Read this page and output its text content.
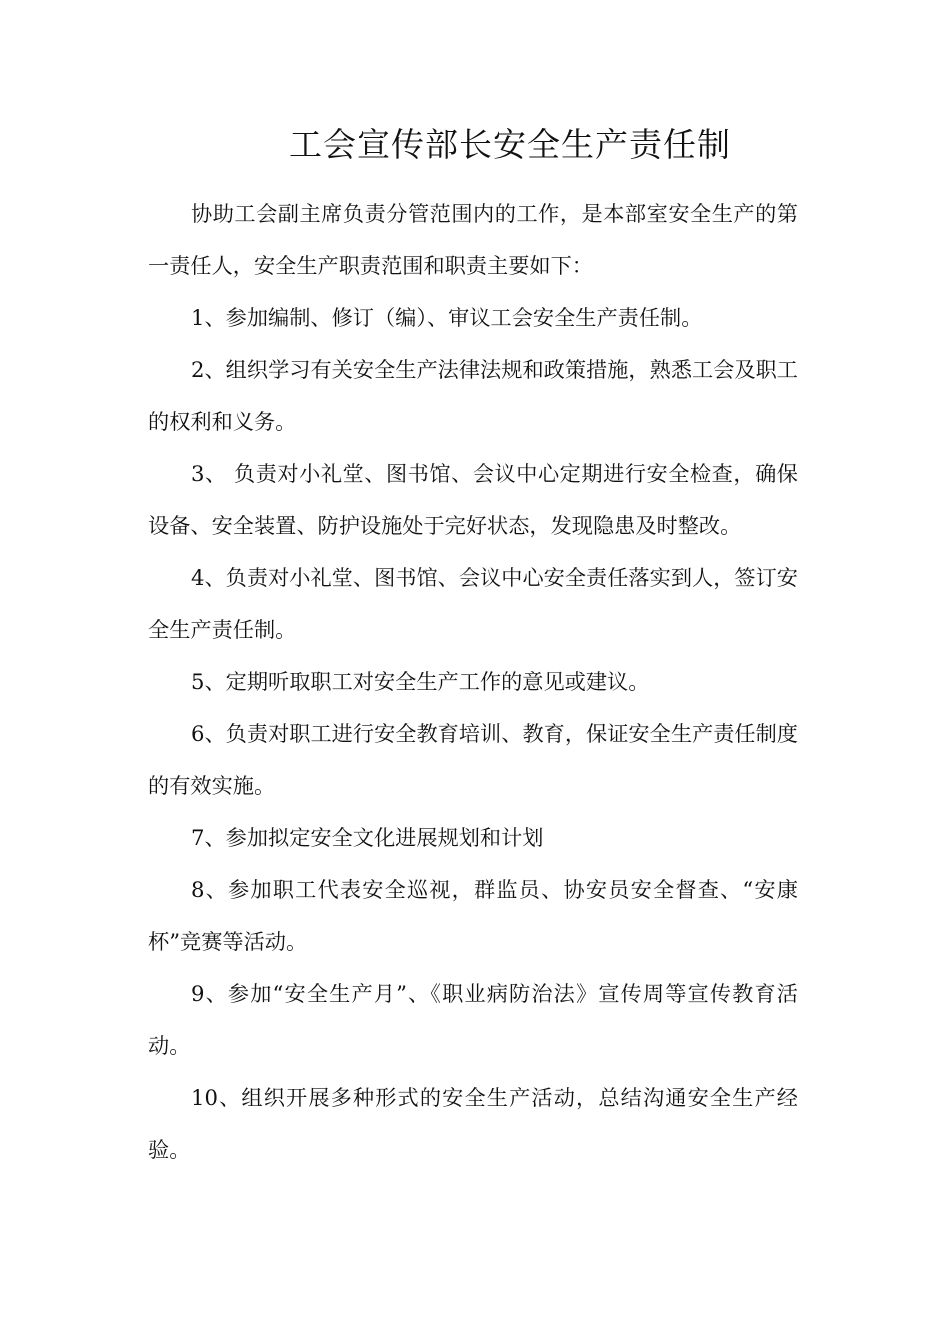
工会宣传部长安全生产责任制

协助工会副主席负责分管范围内的工作，是本部室安全生产的第一责任人，安全生产职责范围和职责主要如下：

1、参加编制、修订（编）、审议工会安全生产责任制。

2、组织学习有关安全生产法律法规和政策措施，熟悉工会及职工的权利和义务。

3、 负责对小礼堂、图书馆、会议中心定期进行安全检查，确保设备、安全装置、防护设施处于完好状态，发现隐患及时整改。

4、负责对小礼堂、图书馆、会议中心安全责任落实到人，签订安全生产责任制。

5、定期听取职工对安全生产工作的意见或建议。

6、负责对职工进行安全教育培训、教育，保证安全生产责任制度的有效实施。

7、参加拟定安全文化进展规划和计划

8、参加职工代表安全巡视，群监员、协安员安全督查、“安康杯”竞赛等活动。

9、参加“安全生产月”、《职业病防治法》宣传周等宣传教育活动。

10、组织开展多种形式的安全生产活动，总结沟通安全生产经验。
